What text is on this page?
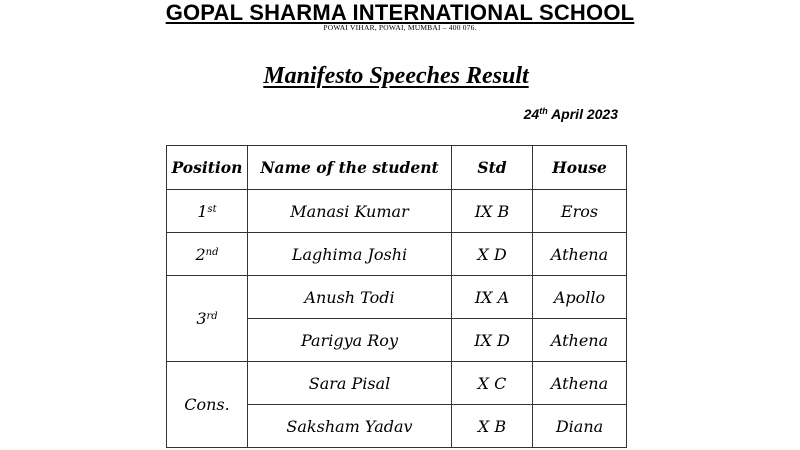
GOPAL SHARMA INTERNATIONAL SCHOOL
POWAI VIHAR, POWAI, MUMBAI – 400 076.
Manifesto Speeches Result
24th April 2023
Position	Name of the student	Std	House
1st	Manasi Kumar	IX B	Eros
2nd	Laghima Joshi	X D	Athena
3rd	Anush Todi	IX A	Apollo
	Parigya Roy	IX D	Athena
Cons.	Sara Pisal	X C	Athena
	Saksham Yadav	X B	Diana
